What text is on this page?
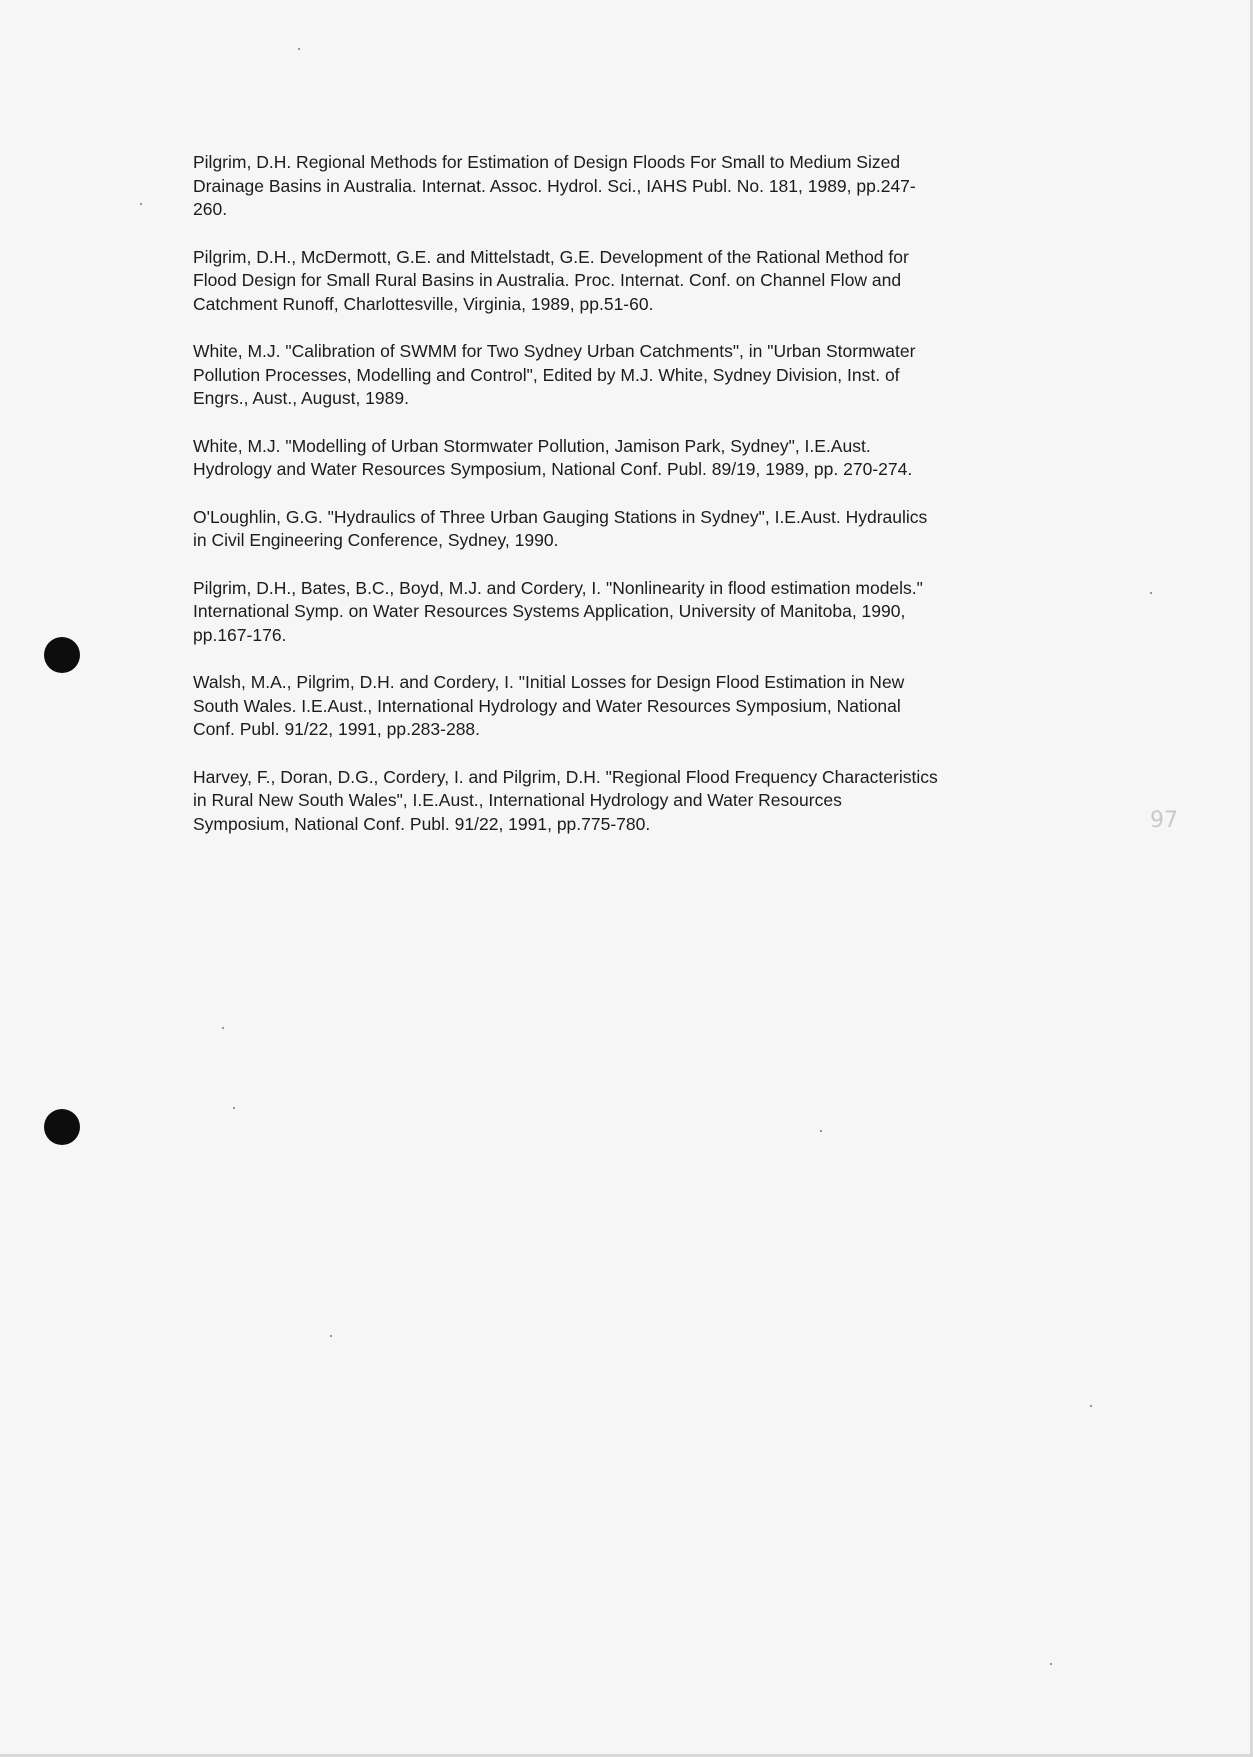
97

Pilgrim, D.H. Regional Methods for Estimation of Design Floods For Small to Medium Sized
Drainage Basins in Australia. Internat. Assoc. Hydrol. Sci., IAHS Publ. No. 181, 1989, pp.247-
260.

Pilgrim, D.H., McDermott, G.E. and Mittelstadt, G.E. Development of the Rational Method for
Flood Design for Small Rural Basins in Australia. Proc. Internat. Conf. on Channel Flow and
Catchment Runoff, Charlottesville, Virginia, 1989, pp.51-60.

White, M.J. "Calibration of SWMM for Two Sydney Urban Catchments", in "Urban Stormwater
Pollution Processes, Modelling and Control", Edited by M.J. White, Sydney Division, Inst. of
Engrs., Aust., August, 1989.

White, M.J. "Modelling of Urban Stormwater Pollution, Jamison Park, Sydney", I.E.Aust.
Hydrology and Water Resources Symposium, National Conf. Publ. 89/19, 1989, pp. 270-274.

O'Loughlin, G.G. "Hydraulics of Three Urban Gauging Stations in Sydney", I.E.Aust. Hydraulics
in Civil Engineering Conference, Sydney, 1990.

Pilgrim, D.H., Bates, B.C., Boyd, M.J. and Cordery, I. "Nonlinearity in flood estimation models."
International Symp. on Water Resources Systems Application, University of Manitoba, 1990,
pp.167-176.

Walsh, M.A., Pilgrim, D.H. and Cordery, I. "Initial Losses for Design Flood Estimation in New
South Wales. I.E.Aust., International Hydrology and Water Resources Symposium, National
Conf. Publ. 91/22, 1991, pp.283-288.

Harvey, F., Doran, D.G., Cordery, I. and Pilgrim, D.H. "Regional Flood Frequency Characteristics
in Rural New South Wales", I.E.Aust., International Hydrology and Water Resources
Symposium, National Conf. Publ. 91/22, 1991, pp.775-780.
